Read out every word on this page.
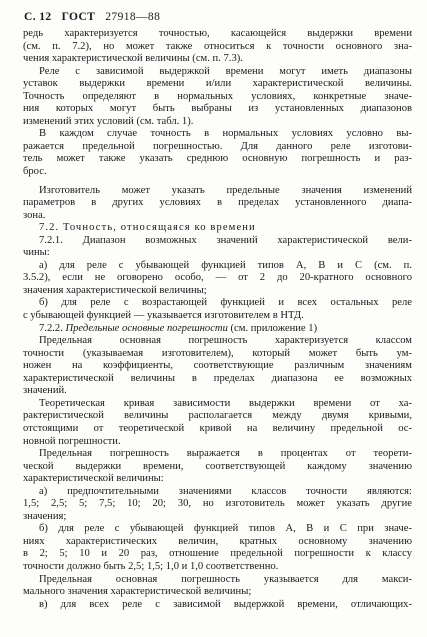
С. 12 ГОСТ 27918—88
редь характеризуется точностью, касающейся выдержки времени
(см. п. 7.2), но может также относиться к точности основного зна-
чения характеристической величины (см. п. 7.3).
Реле с зависимой выдержкой времени могут иметь диапазоны
уставок выдержки времени и/или характеристической величины.
Точность определяют в нормальных условиях, конкретные значе-
ния которых могут быть выбраны из установленных диапазонов
изменений этих условий (см. табл. 1).
В каждом случае точность в нормальных условиях условно вы-
ражается предельной погрешностью. Для данного реле изготови-
тель может также указать среднюю основную погрешность и раз-
брос.
Изготовитель может указать предельные значения изменений
параметров в других условиях в пределах установленного диапа-
зона.
7.2. Точность, относящаяся ко времени
7.2.1. Диапазон возможных значений характеристической вели-
чины:
а) для реле с убывающей функцией типов А, В и С (см. п.
3.5.2), если не оговорено особо, — от 2 до 20-кратного основного
значения характеристической величины;
б) для реле с возрастающей функцией и всех остальных реле
с убывающей функцией — указывается изготовителем в НТД.
7.2.2. Предельные основные погрешности (см. приложение 1)
Предельная основная погрешность характеризуется классом
точности (указываемая изготовителем), который может быть ум-
ножен на коэффициенты, соответствующие различным значениям
характеристической величины в пределах диапазона ее возможных
значений.
Теоретическая кривая зависимости выдержки времени от ха-
рактеристической величины располагается между двумя кривыми,
отстоящими от теоретической кривой на величину предельной ос-
новной погрешности.
Предельная погрешность выражается в процентах от теорети-
ческой выдержки времени, соответствующей каждому значению
характеристической величины:
а) предпочтительными значениями классов точности являются:
1,5; 2,5; 5; 7,5; 10; 20; 30, но изготовитель может указать другие
значения;
б) для реле с убывающей функцией типов А, В и С при значе-
ниях характеристических величин, кратных основному значению
в 2; 5; 10 и 20 раз, отношение предельной погрешности к классу
точности должно быть 2,5; 1,5; 1,0 и 1,0 соответственно.
Предельная основная погрешность указывается для макси-
мального значения характеристической величины;
в) для всех реле с зависимой выдержкой времени, отличающих-
